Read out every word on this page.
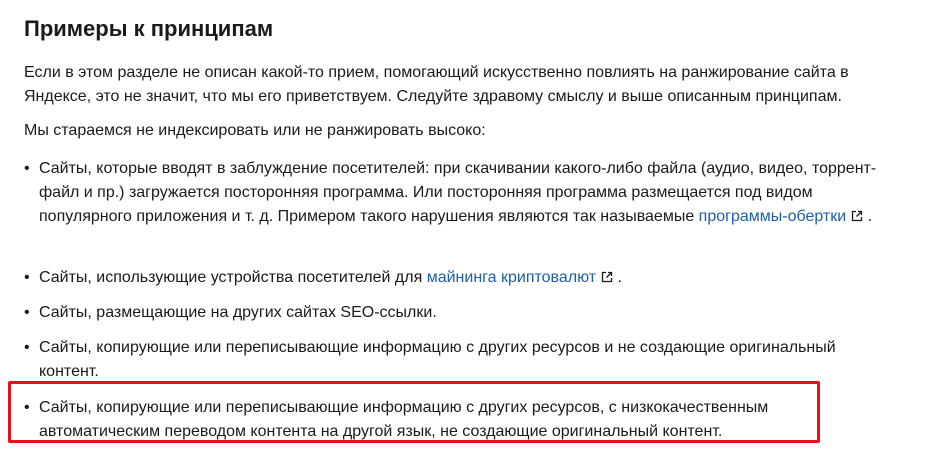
Примеры к принципам

Если в этом разделе не описан какой-то прием, помогающий искусственно повлиять на ранжирование сайта в Яндексе, это не значит, что мы его приветствуем. Следуйте здравому смыслу и выше описанным принципам.

Мы стараемся не индексировать или не ранжировать высоко:

• Сайты, которые вводят в заблуждение посетителей: при скачивании какого-либо файла (аудио, видео, торрент-файл и пр.) загружается посторонняя программа. Или посторонняя программа размещается под видом популярного приложения и т. д. Примером такого нарушения являются так называемые программы-обертки .
• Сайты, использующие устройства посетителей для майнинга криптовалют .
• Сайты, размещающие на других сайтах SEO-ссылки.
• Сайты, копирующие или переписывающие информацию с других ресурсов и не создающие оригинальный контент.
• Сайты, копирующие или переписывающие информацию с других ресурсов, с низкокачественным автоматическим переводом контента на другой язык, не создающие оригинальный контент.
